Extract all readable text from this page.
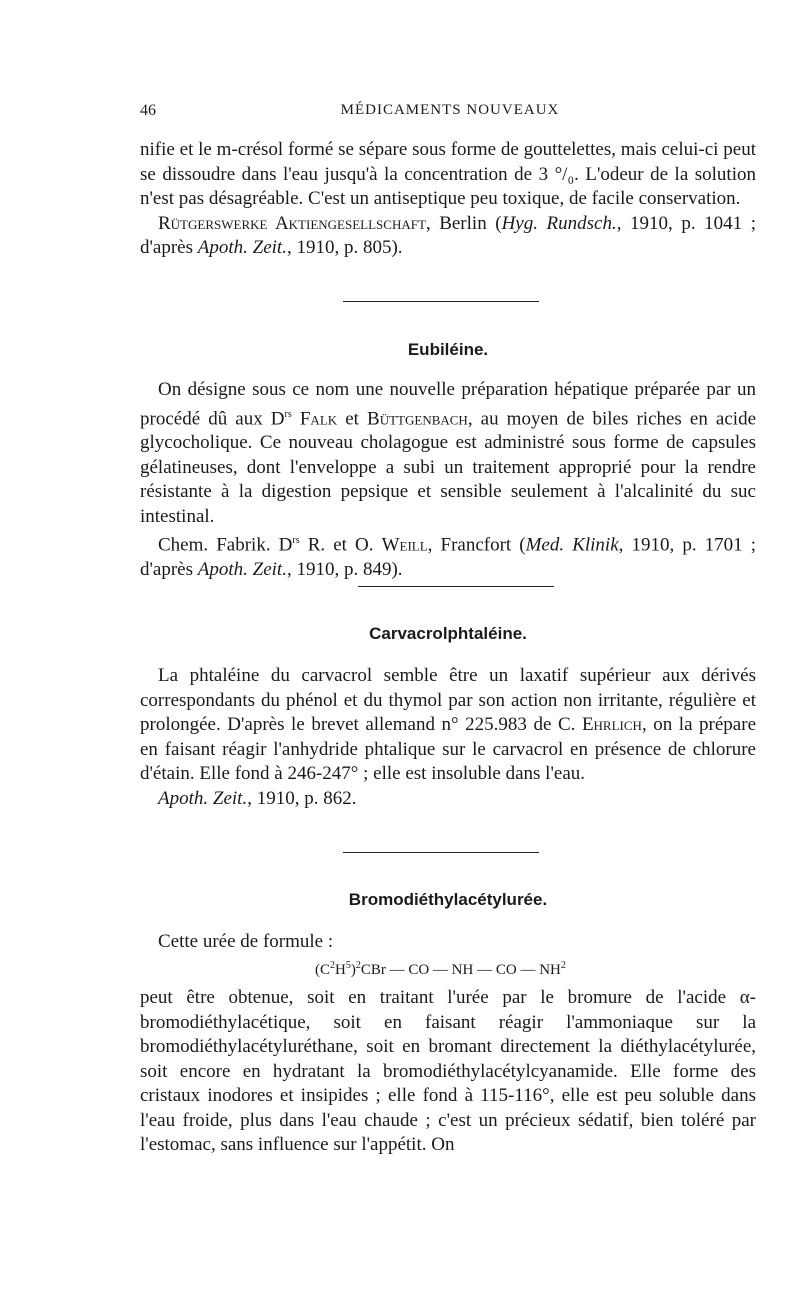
46	MÉDICAMENTS NOUVEAUX

nifie et le m-crésol formé se sépare sous forme de gouttelettes, mais celui-ci peut se dissoudre dans l'eau jusqu'à la concentration de 3 °/₀. L'odeur de la solution n'est pas désagréable. C'est un antiseptique peu toxique, de facile conservation.

Rütgerswerke Aktiengesellschaft, Berlin (Hyg. Rundsch., 1910, p. 1041 ; d'après Apoth. Zeit., 1910, p. 805).

Eubiléine.

On désigne sous ce nom une nouvelle préparation hépatique préparée par un procédé dû aux $D^{rs}$ Falk et Büttgenbach, au moyen de biles riches en acide glycocholique. Ce nouveau cholagogue est administré sous forme de capsules gélatineuses, dont l'enveloppe a subi un traitement approprié pour la rendre résistante à la digestion pepsique et sensible seulement à l'alcalinité du suc intestinal.

Chem. Fabrik. $D^{rs}$ R. et O. Weill, Francfort (Med. Klinik, 1910, p. 1701 ; d'après Apoth. Zeit., 1910, p. 849).

Carvacrolphtaléine.

La phtaléine du carvacrol semble être un laxatif supérieur aux dérivés correspondants du phénol et du thymol par son action non irritante, régulière et prolongée. D'après le brevet allemand n° 225.983 de C. Ehrlich, on la prépare en faisant réagir l'anhydride phtalique sur le carvacrol en présence de chlorure d'étain. Elle fond à 246-247° ; elle est insoluble dans l'eau.

Apoth. Zeit., 1910, p. 862.

Bromodiéthylacétylurée.

Cette urée de formule :

$(C^2H^5)^2CBr$ — CO — NH — CO — $NH^2$

peut être obtenue, soit en traitant l'urée par le bromure de l'acide α-bromodiéthylacétique, soit en faisant réagir l'ammoniaque sur la bromodiéthylacétyluréthane, soit en bromant directement la diéthylacétylurée, soit encore en hydratant la bromodiéthylacétylcyanamide. Elle forme des cristaux inodores et insipides ; elle fond à 115-116°, elle est peu soluble dans l'eau froide, plus dans l'eau chaude ; c'est un précieux sédatif, bien toléré par l'estomac, sans influence sur l'appétit. On
